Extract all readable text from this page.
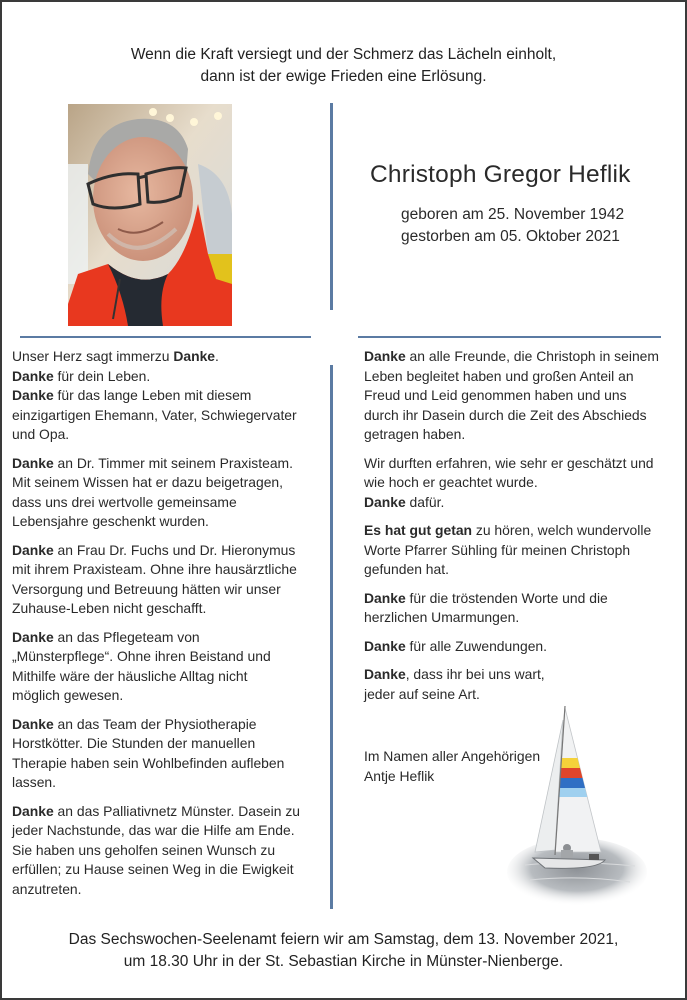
Wenn die Kraft versiegt und der Schmerz das Lächeln einholt,
dann ist der ewige Frieden eine Erlösung.
Christoph Gregor Heflik
geboren am 25. November 1942
gestorben am 05. Oktober 2021

Unser Herz sagt immerzu Danke.
Danke für dein Leben.
Danke für das lange Leben mit diesem
einzigartigen Ehemann, Vater, Schwiegervater
und Opa.

Danke an Dr. Timmer mit seinem Praxisteam.
Mit seinem Wissen hat er dazu beigetragen,
dass uns drei wertvolle gemeinsame
Lebensjahre geschenkt wurden.

Danke an Frau Dr. Fuchs und Dr. Hieronymus
mit ihrem Praxisteam. Ohne ihre hausärztliche
Versorgung und Betreuung hätten wir unser
Zuhause-Leben nicht geschafft.

Danke an das Pflegeteam von
„Münsterpflege“. Ohne ihren Beistand und
Mithilfe wäre der häusliche Alltag nicht
möglich gewesen.

Danke an das Team der Physiotherapie
Horstkötter. Die Stunden der manuellen
Therapie haben sein Wohlbefinden aufleben
lassen.

Danke an das Palliativnetz Münster. Dasein zu
jeder Nachstunde, das war die Hilfe am Ende.
Sie haben uns geholfen seinen Wunsch zu
erfüllen; zu Hause seinen Weg in die Ewigkeit
anzutreten.

Danke an alle Freunde, die Christoph in seinem
Leben begleitet haben und großen Anteil an
Freud und Leid genommen haben und uns
durch ihr Dasein durch die Zeit des Abschieds
getragen haben.

Wir durften erfahren, wie sehr er geschätzt und
wie hoch er geachtet wurde.
Danke dafür.

Es hat gut getan zu hören, welch wundervolle
Worte Pfarrer Sühling für meinen Christoph
gefunden hat.

Danke für die tröstenden Worte und die
herzlichen Umarmungen.

Danke für alle Zuwendungen.

Danke, dass ihr bei uns wart,
jeder auf seine Art.

Im Namen aller Angehörigen
Antje Heflik
Das Sechswochen-Seelenamt feiern wir am Samstag, dem 13. November 2021,
um 18.30 Uhr in der St. Sebastian Kirche in Münster-Nienberge.
